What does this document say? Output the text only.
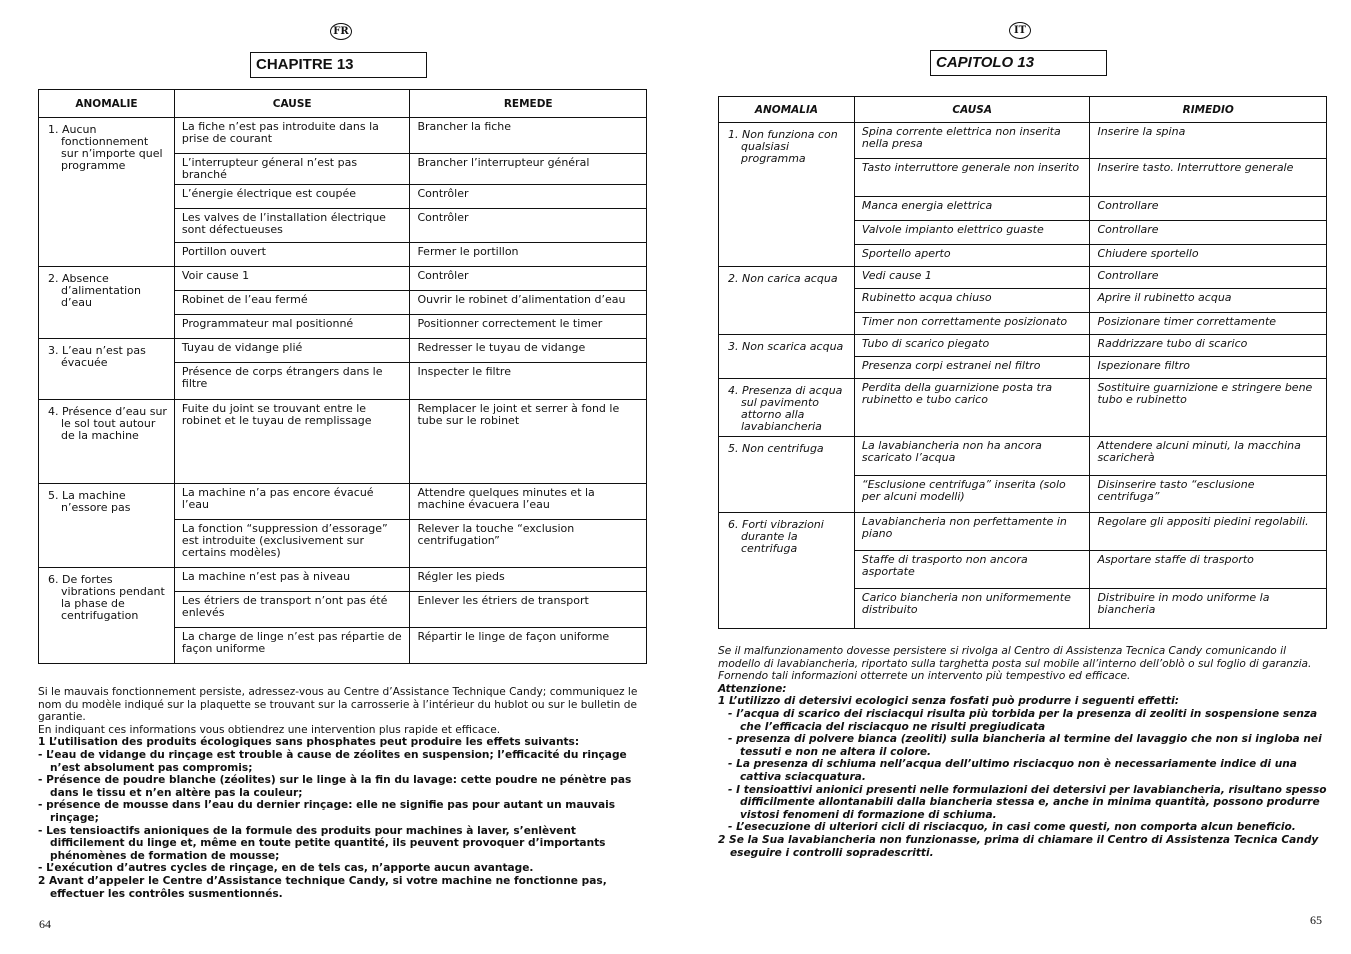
FR
CHAPITRE 13
ANOMALIE	CAUSE	REMEDE

1. Aucun fonctionnement sur n’importe quel programme	La fiche n’est pas introduite dans la prise de courant	Brancher la fiche
	L’interrupteur géneral n’est pas branché	Brancher l’interrupteur général
	L’énergie électrique est coupée	Contrôler
	Les valves de l’installation électrique sont défectueuses	Contrôler
	Portillon ouvert	Fermer le portillon

2. Absence d’alimentation d’eau	Voir cause 1	Contrôler
	Robinet de l’eau fermé	Ouvrir le robinet d’alimentation d’eau
	Programmateur mal positionné	Positionner correctement le timer

3. L’eau n’est pas évacuée	Tuyau de vidange plié	Redresser le tuyau de vidange
	Présence de corps étrangers dans le filtre	Inspecter le filtre

4. Présence d’eau sur le sol tout autour de la machine	Fuite du joint se trouvant entre le robinet et le tuyau de remplissage	Remplacer le joint et serrer à fond le tube sur le robinet

5. La machine n’essore pas	La machine n’a pas encore évacué l’eau	Attendre quelques minutes et la machine évacuera l’eau
	La fonction “suppression d’essorage” est introduite (exclusivement sur certains modèles)	Relever la touche “exclusion centrifugation”

6. De fortes vibrations pendant la phase de centrifugation	La machine n’est pas à niveau	Régler les pieds
	Les étriers de transport n’ont pas été enlevés	Enlever les étriers de transport
	La charge de linge n’est pas répartie de façon uniforme	Répartir le linge de façon uniforme

Si le mauvais fonctionnement persiste, adressez-vous au Centre d’Assistance Technique Candy; communiquez le nom du modèle indiqué sur la plaquette se trouvant sur la carrosserie à l’intérieur du hublot ou sur le bulletin de garantie.

En indiquant ces informations vous obtiendrez une intervention plus rapide et efficace.

1 L’utilisation des produits écologiques sans phosphates peut produire les effets suivants:

- L’eau de vidange du rinçage est trouble à cause de zéolites en suspension; l’efficacité du rinçage n’est absolument pas compromis;

- Présence de poudre blanche (zéolites) sur le linge à la fin du lavage: cette poudre ne pénètre pas dans le tissu et n’en altère pas la couleur;

- présence de mousse dans l’eau du dernier rinçage: elle ne signifie pas pour autant un mauvais rinçage;

- Les tensioactifs anioniques de la formule des produits pour machines à laver, s’enlèvent difficilement du linge et, même en toute petite quantité, ils peuvent provoquer d’importants phénomènes de formation de mousse;

- L’exécution d’autres cycles de rinçage, en de tels cas, n’apporte aucun avantage.

2 Avant d’appeler le Centre d’Assistance technique Candy, si votre machine ne fonctionne pas, effectuer les contrôles susmentionnés.

64
IT
CAPITOLO 13
ANOMALIA	CAUSA	RIMEDIO

1. Non funziona con qualsiasi programma	Spina corrente elettrica non inserita nella presa	Inserire la spina
	Tasto interruttore generale non inserito	Inserire tasto. Interruttore generale
	Manca energia elettrica	Controllare
	Valvole impianto elettrico guaste	Controllare
	Sportello aperto	Chiudere sportello

2. Non carica acqua	Vedi cause 1	Controllare
	Rubinetto acqua chiuso	Aprire il rubinetto acqua
	Timer non correttamente posizionato	Posizionare timer correttamente

3. Non scarica acqua	Tubo di scarico piegato	Raddrizzare tubo di scarico
	Presenza corpi estranei nel filtro	Ispezionare filtro

4. Presenza di acqua sul pavimento attorno alla lavabiancheria	Perdita della guarnizione posta tra rubinetto e tubo carico	Sostituire guarnizione e stringere bene tubo e rubinetto

5. Non centrifuga	La lavabiancheria non ha ancora scaricato l’acqua	Attendere alcuni minuti, la macchina scaricherà
	“Esclusione centrifuga” inserita (solo per alcuni modelli)	Disinserire tasto “esclusione centrifuga”

6. Forti vibrazioni durante la centrifuga	Lavabiancheria non perfettamente in piano	Regolare gli appositi piedini regolabili.
	Staffe di trasporto non ancora asportate	Asportare staffe di trasporto
	Carico biancheria non uniformemente distribuito	Distribuire in modo uniforme la biancheria

Se il malfunzionamento dovesse persistere si rivolga al Centro di Assistenza Tecnica Candy comunicando il modello di lavabiancheria, riportato sulla targhetta posta sul mobile all’interno dell’oblò o sul foglio di garanzia.

Fornendo tali informazioni otterrete un intervento più tempestivo ed efficace.

Attenzione:

1 L’utilizzo di detersivi ecologici senza fosfati può produrre i seguenti effetti:

- l’acqua di scarico dei risciacqui risulta più torbida per la presenza di zeoliti in sospensione senza che l’efficacia del risciacquo ne risulti pregiudicata

- presenza di polvere bianca (zeoliti) sulla biancheria al termine del lavaggio che non si ingloba nei tessuti e non ne altera il colore.

- La presenza di schiuma nell’acqua dell’ultimo risciacquo non è necessariamente indice di una cattiva sciacquatura.

- I tensioattivi anionici presenti nelle formulazioni dei detersivi per lavabiancheria, risultano spesso difficilmente allontanabili dalla biancheria stessa e, anche in minima quantità, possono produrre vistosi fenomeni di formazione di schiuma.

- L’esecuzione di ulteriori cicli di risciacquo, in casi come questi, non comporta alcun beneficio.

2 Se la Sua lavabiancheria non funzionasse, prima di chiamare il Centro di Assistenza Tecnica Candy eseguire i controlli sopradescritti.

65
